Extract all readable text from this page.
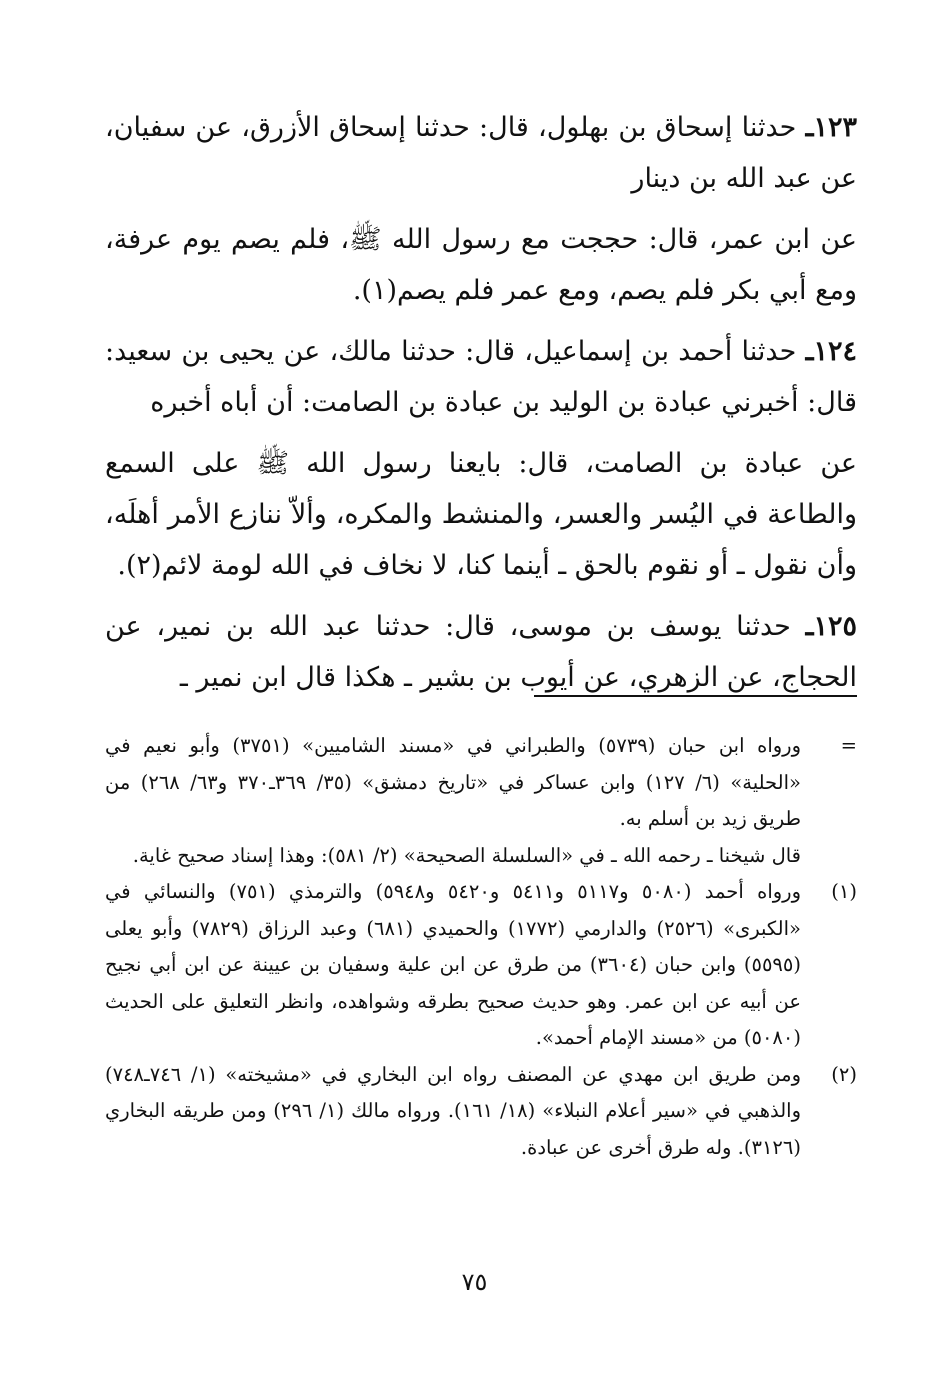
١٢٣ـ حدثنا إسحاق بن بهلول، قال: حدثنا إسحاق الأزرق، عن سفيان، عن عبد الله بن دينار

عن ابن عمر، قال: حججت مع رسول الله ﷺ، فلم يصم يوم عرفة، ومع أبي بكر فلم يصم، ومع عمر فلم يصم(١).

١٢٤ـ حدثنا أحمد بن إسماعيل، قال: حدثنا مالك، عن يحيى بن سعيد: قال: أخبرني عبادة بن الوليد بن عبادة بن الصامت: أن أباه أخبره

عن عبادة بن الصامت، قال: بايعنا رسول الله ﷺ على السمع والطاعة في اليُسر والعسر، والمنشط والمكره، وألاّ ننازع الأمر أهلَه، وأن نقول ـ أو نقوم بالحق ـ أينما كنا، لا نخاف في الله لومة لائم(٢).

١٢٥ـ حدثنا يوسف بن موسى، قال: حدثنا عبد الله بن نمير، عن الحجاج، عن الزهري، عن أيوب بن بشير ـ هكذا قال ابن نمير ـ

=

ورواه ابن حبان (٥٧٣٩) والطبراني في «مسند الشاميين» (٣٧٥١) وأبو نعيم في «الحلية» (٦/ ١٢٧) وابن عساكر في «تاريخ دمشق» (٣٥/ ٣٦٩ـ٣٧٠ و٦٣/ ٢٦٨) من طريق زيد بن أسلم به.

قال شيخنا ـ رحمه الله ـ في «السلسلة الصحيحة» (٢/ ٥٨١): وهذا إسناد صحيح غاية.

(١)

ورواه أحمد (٥٠٨٠ و٥١١٧ و٥٤١١ و٥٤٢٠ و٥٩٤٨) والترمذي (٧٥١) والنسائي في «الكبرى» (٢٥٢٦) والدارمي (١٧٧٢) والحميدي (٦٨١) وعبد الرزاق (٧٨٢٩) وأبو يعلى (٥٥٩٥) وابن حبان (٣٦٠٤) من طرق عن ابن علية وسفيان بن عيينة عن ابن أبي نجيح عن أبيه عن ابن عمر. وهو حديث صحيح بطرقه وشواهده، وانظر التعليق على الحديث (٥٠٨٠) من «مسند الإمام أحمد».

(٢)

ومن طريق ابن مهدي عن المصنف رواه ابن البخاري في «مشيخته» (١/ ٧٤٦ـ٧٤٨) والذهبي في «سير أعلام النبلاء» (١٨/ ١٦١). ورواه مالك (١/ ٢٩٦) ومن طريقه البخاري (٣١٢٦). وله طرق أخرى عن عبادة.

٧٥
